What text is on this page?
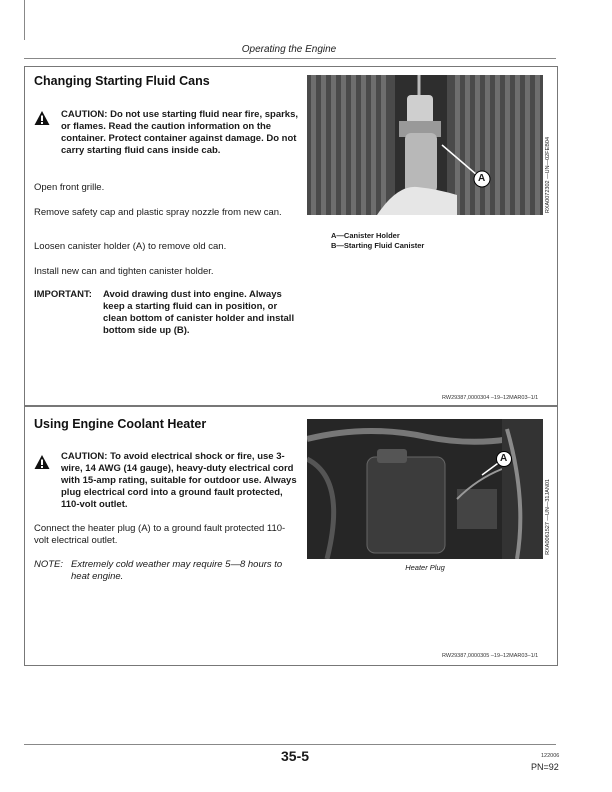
Operating the Engine
Changing Starting Fluid Cans
CAUTION: Do not use starting fluid near fire, sparks, or flames. Read the caution information on the container. Protect container against damage. Do not carry starting fluid cans inside cab.
Open front grille.
Remove safety cap and plastic spray nozzle from new can.
Loosen canister holder (A) to remove old can.
Install new can and tighten canister holder.
IMPORTANT: Avoid drawing dust into engine. Always keep a starting fluid can in position, or clean bottom of canister holder and install bottom side up (B).
A	RXA0072302 —UN—02FEB04
A—Canister Holder
B—Starting Fluid Canister
RW29387,0000304 –19–12MAR03–1/1
Using Engine Coolant Heater
CAUTION: To avoid electrical shock or fire, use 3-wire, 14 AWG (14 gauge), heavy-duty electrical cord with 15-amp rating, suitable for outdoor use. Always plug electrical cord into a ground fault protected, 110-volt outlet.
Connect the heater plug (A) to a ground fault protected 110-volt electrical outlet.
NOTE: Extremely cold weather may require 5—8 hours to heat engine.
A
RXA0061527 —UN—31JAN01
Heater Plug
RW29387,0000305 –19–12MAR03–1/1
35-5	122006
PN=92
